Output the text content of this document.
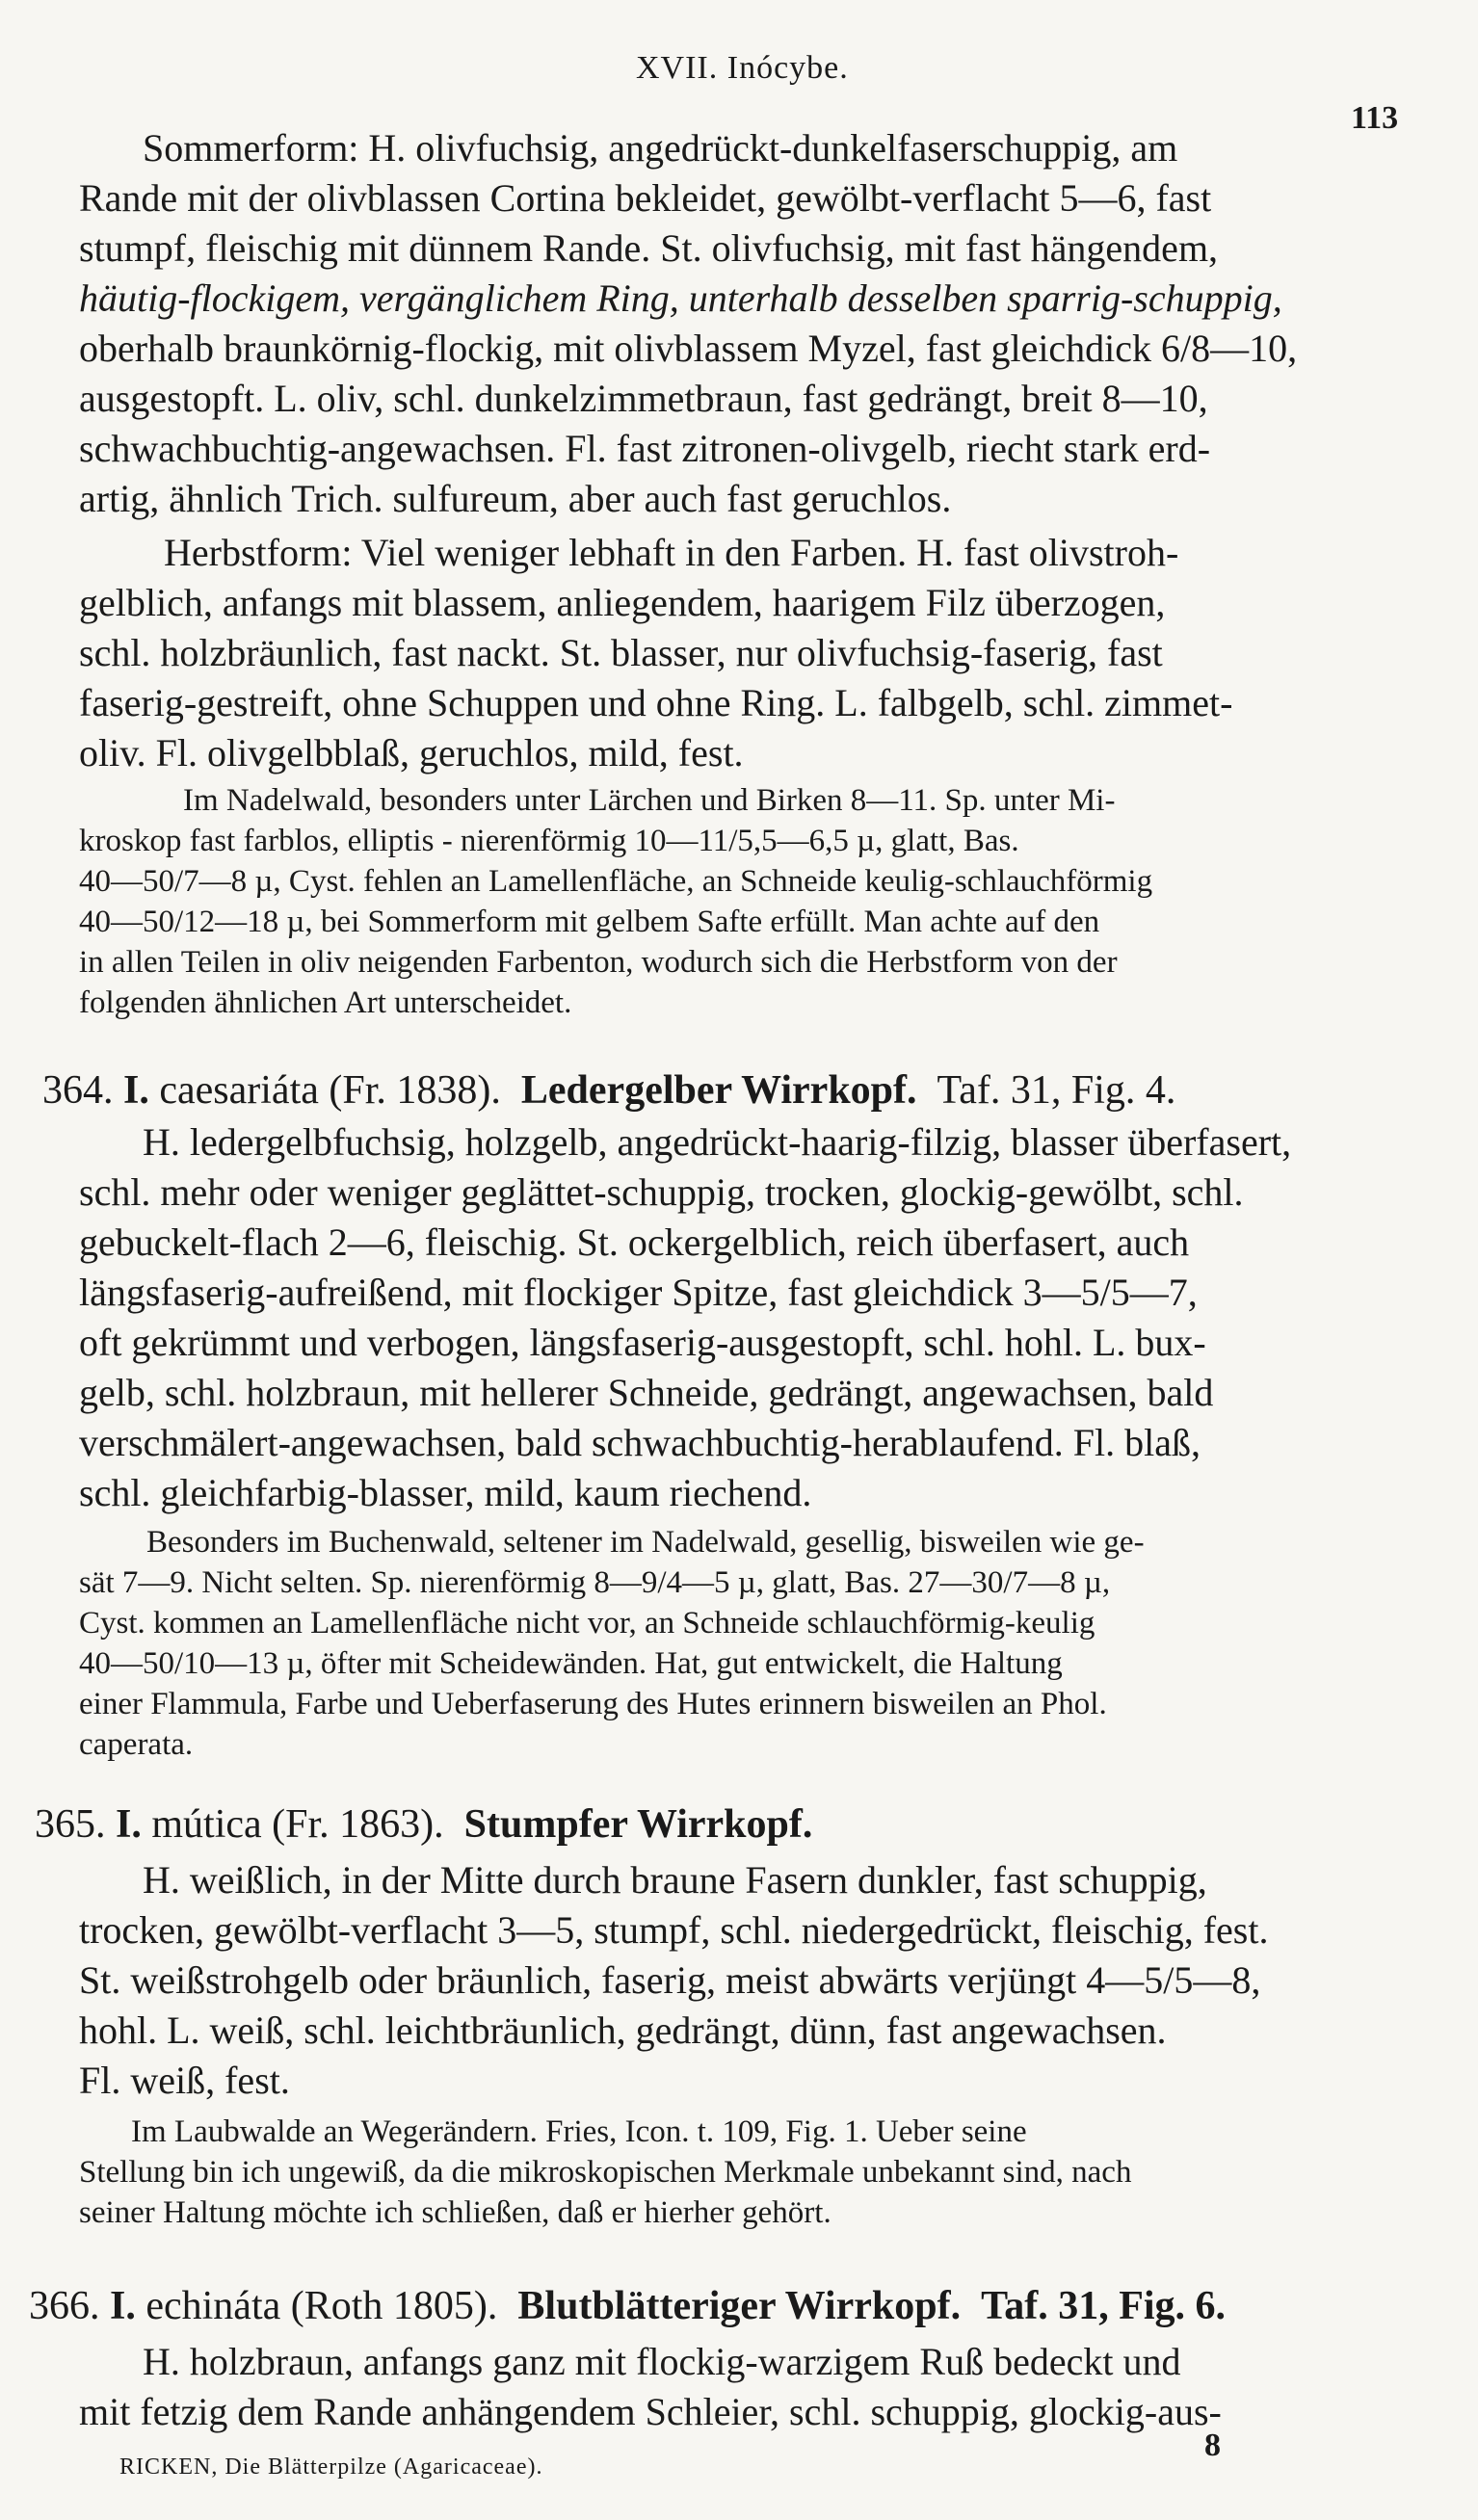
XVII. Inócybe.
113
Sommerform: H. olivfuchsig, angedrückt-dunkelfaserschuppig, am
Rande mit der olivblassen Cortina bekleidet, gewölbt-verflacht 5—6, fast
stumpf, fleischig mit dünnem Rande. St. olivfuchsig, mit fast hängendem,
häutig-flockigem, vergänglichem Ring, unterhalb desselben sparrig-schuppig,
oberhalb braunkörnig-flockig, mit olivblassem Myzel, fast gleichdick 6/8—10,
ausgestopft. L. oliv, schl. dunkelzimmetbraun, fast gedrängt, breit 8—10,
schwachbuchtig-angewachsen. Fl. fast zitronen-olivgelb, riecht stark erd-
artig, ähnlich Trich. sulfureum, aber auch fast geruchlos.
Herbstform: Viel weniger lebhaft in den Farben. H. fast olivstroh-
gelblich, anfangs mit blassem, anliegendem, haarigem Filz überzogen,
schl. holzbräunlich, fast nackt. St. blasser, nur olivfuchsig-faserig, fast
faserig-gestreift, ohne Schuppen und ohne Ring. L. falbgelb, schl. zimmet-
oliv. Fl. olivgelbblaß, geruchlos, mild, fest.
Im Nadelwald, besonders unter Lärchen und Birken 8—11. Sp. unter Mi-
kroskop fast farblos, elliptis - nierenförmig 10—11/5,5—6,5 µ, glatt, Bas.
40—50/7—8 µ, Cyst. fehlen an Lamellenfläche, an Schneide keulig-schlauchförmig
40—50/12—18 µ, bei Sommerform mit gelbem Safte erfüllt. Man achte auf den
in allen Teilen in oliv neigenden Farbenton, wodurch sich die Herbstform von der
folgenden ähnlichen Art unterscheidet.
364. I. caesariáta (Fr. 1838). Ledergelber Wirrkopf. Taf. 31, Fig. 4.
H. ledergelbfuchsig, holzgelb, angedrückt-haarig-filzig, blasser überfasert,
schl. mehr oder weniger geglättet-schuppig, trocken, glockig-gewölbt, schl.
gebuckelt-flach 2—6, fleischig. St. ockergelblich, reich überfasert, auch
längsfaserig-aufreißend, mit flockiger Spitze, fast gleichdick 3—5/5—7,
oft gekrümmt und verbogen, längsfaserig-ausgestopft, schl. hohl. L. bux-
gelb, schl. holzbraun, mit hellerer Schneide, gedrängt, angewachsen, bald
verschmälert-angewachsen, bald schwachbuchtig-herablaufend. Fl. blaß,
schl. gleichfarbig-blasser, mild, kaum riechend.
Besonders im Buchenwald, seltener im Nadelwald, gesellig, bisweilen wie ge-
sät 7—9. Nicht selten. Sp. nierenförmig 8—9/4—5 µ, glatt, Bas. 27—30/7—8 µ,
Cyst. kommen an Lamellenfläche nicht vor, an Schneide schlauchförmig-keulig
40—50/10—13 µ, öfter mit Scheidewänden. Hat, gut entwickelt, die Haltung
einer Flammula, Farbe und Ueberfaserung des Hutes erinnern bisweilen an Phol.
caperata.
365. I. mútica (Fr. 1863). Stumpfer Wirrkopf.
H. weißlich, in der Mitte durch braune Fasern dunkler, fast schuppig,
trocken, gewölbt-verflacht 3—5, stumpf, schl. niedergedrückt, fleischig, fest.
St. weißstrohgelb oder bräunlich, faserig, meist abwärts verjüngt 4—5/5—8,
hohl. L. weiß, schl. leichtbräunlich, gedrängt, dünn, fast angewachsen.
Fl. weiß, fest.
Im Laubwalde an Wegerändern. Fries, Icon. t. 109, Fig. 1. Ueber seine
Stellung bin ich ungewiß, da die mikroskopischen Merkmale unbekannt sind, nach
seiner Haltung möchte ich schließen, daß er hierher gehört.
366. I. echináta (Roth 1805). Blutblätteriger Wirrkopf. Taf. 31, Fig. 6.
H. holzbraun, anfangs ganz mit flockig-warzigem Ruß bedeckt und
mit fetzig dem Rande anhängendem Schleier, schl. schuppig, glockig-aus-
RICKEN, Die Blätterpilze (Agaricaceae).
8
